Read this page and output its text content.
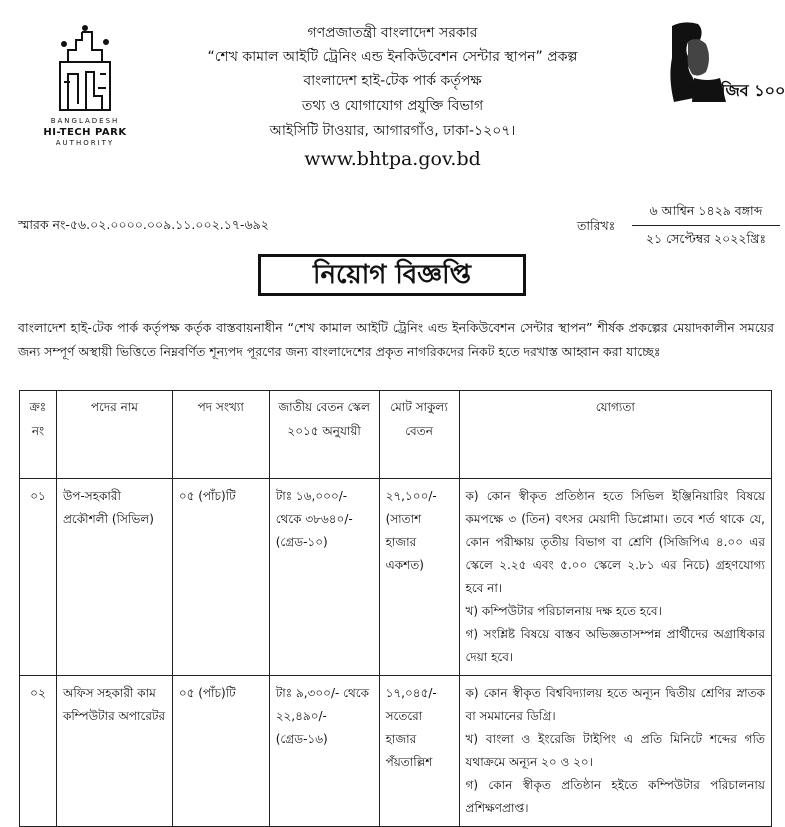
BANGLADESH
HI-TECH PARK
AUTHORITY
মুজিব ১০০
গণপ্রজাতন্ত্রী বাংলাদেশ সরকার
“শেখ কামাল আইটি ট্রেনিং এন্ড ইনকিউবেশন সেন্টার স্থাপন” প্রকল্প
বাংলাদেশ হাই-টেক পার্ক কর্তৃপক্ষ
তথ্য ও যোগাযোগ প্রযুক্তি বিভাগ
আইসিটি টাওয়ার, আগারগাঁও, ঢাকা-১২০৭।
www.bhtpa.gov.bd
স্মারক নং-৫৬.০২.০০০০.০০৯.১১.০০২.১৭-৬৯২	তারিখঃ
৬ আশ্বিন ১৪২৯ বঙ্গাব্দ
২১ সেপ্টেম্বর ২০২২খ্রিঃ
নিয়োগ বিজ্ঞপ্তি
বাংলাদেশ হাই-টেক পার্ক কর্তৃপক্ষ কর্তৃক বাস্তবায়নাধীন “শেখ কামাল আইটি ট্রেনিং এন্ড ইনকিউবেশন সেন্টার স্থাপন” শীর্ষক প্রকল্পের মেয়াদকালীন সময়ের জন্য সম্পূর্ণ অস্থায়ী ভিত্তিতে নিম্নবর্ণিত শূন্যপদ পূরণের জন্য বাংলাদেশের প্রকৃত নাগরিকদের নিকট হতে দরখাস্ত আহ্বান করা যাচ্ছেঃ
ক্রঃ নং	পদের নাম	পদ সংখ্যা	জাতীয় বেতন স্কেল ২০১৫ অনুযায়ী	মোট সাকুল্য বেতন	যোগ্যতা
০১	উপ-সহকারী প্রকৌশলী (সিভিল)	০৫ (পাঁচ)টি	টাঃ ১৬,০০০/- থেকে ৩৮৬৪০/- (গ্রেড-১০)	২৭,১০০/- (সাতাশ হাজার একশত)	ক) কোন স্বীকৃত প্রতিষ্ঠান হতে সিভিল ইঞ্জিনিয়ারিং বিষয়ে কমপক্ষে ৩ (তিন) বৎসর মেয়াদী ডিপ্লোমা। তবে শর্ত থাকে যে, কোন পরীক্ষায় তৃতীয় বিভাগ বা শ্রেণি (সিজিপিএ ৪.০০ এর স্কেলে ২.২৫ এবং ৫.০০ স্কেলে ২.৮১ এর নিচে) গ্রহণযোগ্য হবে না।
খ) কম্পিউটার পরিচালনায় দক্ষ হতে হবে।
গ) সংশ্লিষ্ট বিষয়ে বাস্তব অভিজ্ঞতাসম্পন্ন প্রার্থীদের অগ্রাধিকার দেয়া হবে।

০২	অফিস সহকারী কাম কম্পিউটার অপারেটর	০৫ (পাঁচ)টি	টাঃ ৯,৩০০/- থেকে ২২,৪৯০/- (গ্রেড-১৬)	১৭,০৪৫/- সতেরো হাজার পঁয়তাল্লিশ	ক) কোন স্বীকৃত বিশ্ববিদ্যালয় হতে অন্যূন দ্বিতীয় শ্রেণির স্নাতক বা সমমানের ডিগ্রি।
খ) বাংলা ও ইংরেজি টাইপিং এ প্রতি মিনিটে শব্দের গতি যথাক্রমে অন্যূন ২০ ও ২০।
গ) কোন স্বীকৃত প্রতিষ্ঠান হইতে কম্পিউটার পরিচালনায় প্রশিক্ষণপ্রাপ্ত।
